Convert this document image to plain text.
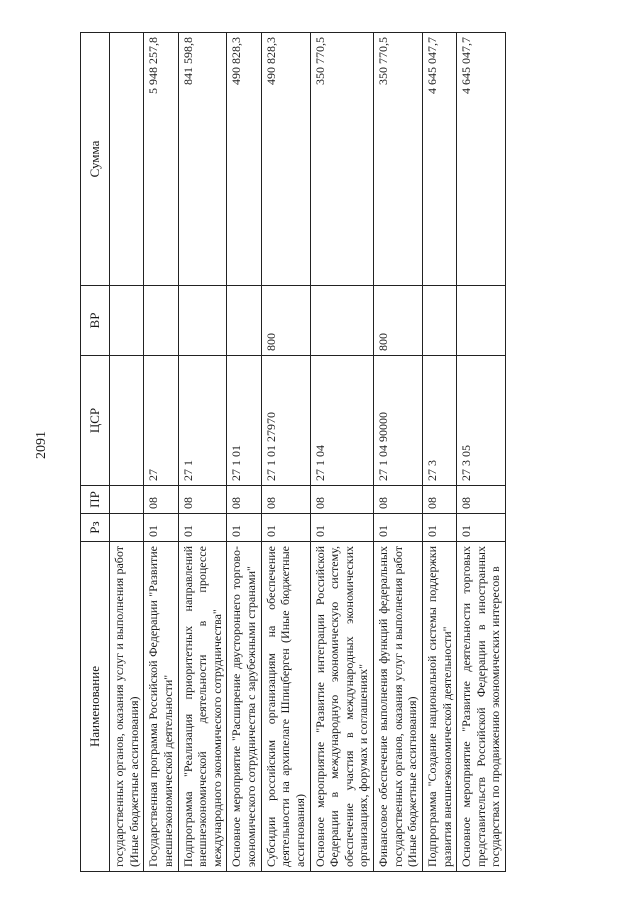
2091
Наименование	Рз	ПР	ЦСР	ВР	Сумма
государственных органов, оказания услуг и выполнения работ (Иные бюджетные ассигнования)					
Государственная программа Российской Федерации "Развитие внешнеэкономической деятельности"	01	08	27		5 948 257,8
Подпрограмма "Реализация приоритетных направлений внешнеэкономической деятельности в процессе международного экономического сотрудничества"	01	08	27 1		841 598,8
Основное мероприятие "Расширение двустороннего торгово-экономического сотрудничества с зарубежными странами"	01	08	27 1 01		490 828,3
Субсидии российским организациям на обеспечение деятельности на архипелаге Шпицберген (Иные бюджетные ассигнования)	01	08	27 1 01 27970	800	490 828,3
Основное мероприятие "Развитие интеграции Российской Федерации в международную экономическую систему, обеспечение участия в международных экономических организациях, форумах и соглашениях"	01	08	27 1 04		350 770,5
Финансовое обеспечение выполнения функций федеральных государственных органов, оказания услуг и выполнения работ (Иные бюджетные ассигнования)	01	08	27 1 04 90000	800	350 770,5
Подпрограмма "Создание национальной системы поддержки развития внешнеэкономической деятельности"	01	08	27 3		4 645 047,7
Основное мероприятие "Развитие деятельности торговых представительств Российской Федерации в иностранных государствах по продвижению экономических интересов в	01	08	27 3 05		4 645 047,7
